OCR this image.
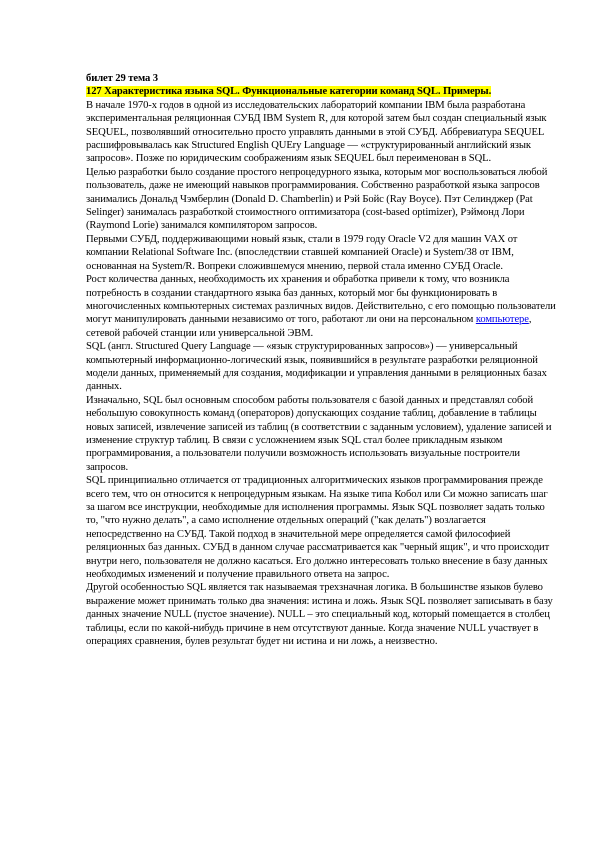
билет 29 тема 3
127 Характеристика языка SQL. Функциональные категории команд SQL. Примеры.

В начале 1970-х годов в одной из исследовательских лабораторий компании IBM была разработана экспериментальная реляционная СУБД IBM System R, для которой затем был создан специальный язык SEQUEL, позволявший относительно просто управлять данными в этой СУБД. Аббревиатура SEQUEL расшифровывалась как Structured English QUEry Language — «структурированный английский язык запросов». Позже по юридическим соображениям язык SEQUEL был переименован в SQL.

Целью разработки было создание простого непроцедурного языка, которым мог воспользоваться любой пользователь, даже не имеющий навыков программирования. Собственно разработкой языка запросов занимались Дональд Чэмберлин (Donald D. Chamberlin) и Рэй Бойс (Ray Boyce). Пэт Селинджер (Pat Selinger) занималась разработкой стоимостного оптимизатора (cost-based optimizer), Рэймонд Лори (Raymond Lorie) занимался компилятором запросов.

Первыми СУБД, поддерживающими новый язык, стали в 1979 году Oracle V2 для машин VAX от компании Relational Software Inc. (впоследствии ставшей компанией Oracle) и System/38 от IBM, основанная на System/R. Вопреки сложившемуся мнению, первой стала именно СУБД Oracle.

Рост количества данных, необходимость их хранения и обработка привели к тому, что возникла потребность в создании стандартного языка баз данных, который мог бы функционировать в многочисленных компьютерных системах различных видов. Действительно, с его помощью пользователи могут манипулировать данными независимо от того, работают ли они на персональном компьютере, сетевой рабочей станции или универсальной ЭВМ.

SQL (англ. Structured Query Language — «язык структурированных запросов») — универсальный компьютерный информационно-логический язык, появившийся в результате разработки реляционной модели данных, применяемый для создания, модификации и управления данными в реляционных базах данных.

Изначально, SQL был основным способом работы пользователя с базой данных и представлял собой небольшую совокупность команд (операторов) допускающих создание таблиц, добавление в таблицы новых записей, извлечение записей из таблиц (в соответствии с заданным условием), удаление записей и изменение структур таблиц. В связи с усложнением язык SQL стал более прикладным языком программирования, а пользователи получили возможность использовать визуальные построители запросов.

SQL принципиально отличается от традиционных алгоритмических языков программирования прежде всего тем, что он относится к непроцедурным языкам. На языке типа Кобол или Си можно записать шаг за шагом все инструкции, необходимые для исполнения программы. Язык SQL позволяет задать только то, "что нужно делать", а само исполнение отдельных операций ("как делать") возлагается непосредственно на СУБД. Такой подход в значительной мере определяется самой философией реляционных баз данных. СУБД в данном случае рассматривается как "черный ящик", и что происходит внутри него, пользователя не должно касаться. Его должно интересовать только внесение в базу данных необходимых изменений и получение правильного ответа на запрос.

Другой особенностью SQL является так называемая трехзначная логика. В большинстве языков булево выражение может принимать только два значения: истина и ложь. Язык SQL позволяет записывать в базу данных значение NULL (пустое значение). NULL – это специальный код, который помещается в столбец таблицы, если по какой-нибудь причине в нем отсутствуют данные. Когда значение NULL участвует в операциях сравнения, булев результат будет ни истина и ни ложь, а неизвестно.
